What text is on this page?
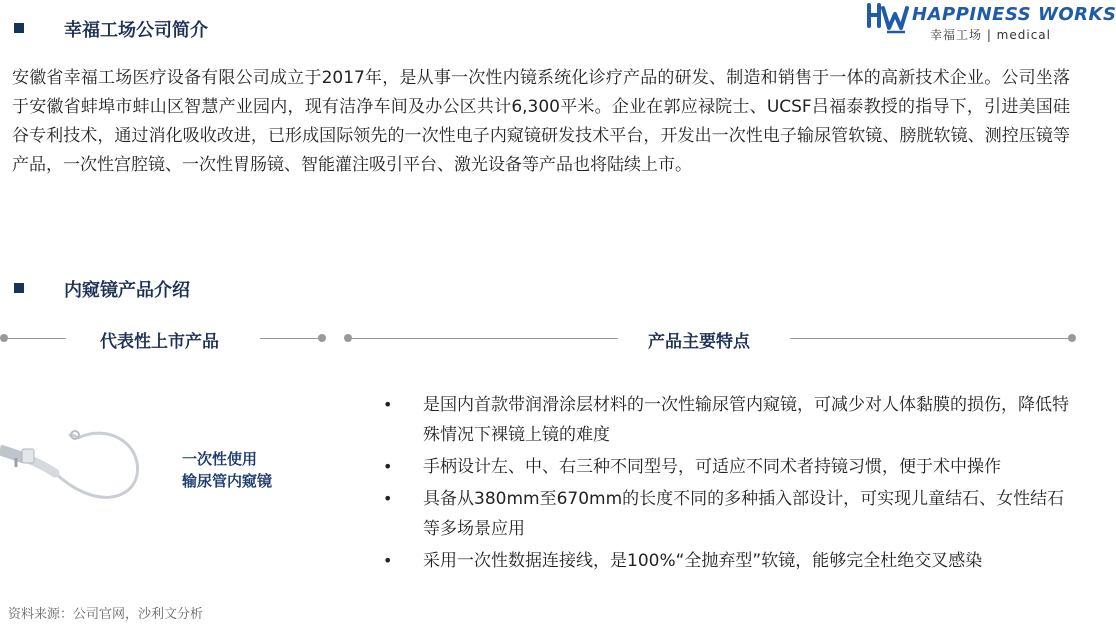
幸福工场公司简介
HAPPINESS WORKS
幸福工场 | medical
安徽省幸福工场医疗设备有限公司成立于2017年，是从事一次性内镜系统化诊疗产品的研发、制造和销售于一体的高新技术企业。公司坐落于安徽省蚌埠市蚌山区智慧产业园内，现有洁净车间及办公区共计6,300平米。企业在郭应禄院士、UCSF吕福泰教授的指导下，引进美国硅谷专利技术，通过消化吸收改进，已形成国际领先的一次性电子内窥镜研发技术平台，开发出一次性电子输尿管软镜、膀胱软镜、测控压镜等产品，一次性宫腔镜、一次性胃肠镜、智能灌注吸引平台、激光设备等产品也将陆续上市。
内窥镜产品介绍
代表性上市产品	产品主要特点
一次性使用
输尿管内窥镜
• 是国内首款带润滑涂层材料的一次性输尿管内窥镜，可减少对人体黏膜的损伤，降低特殊情况下裸镜上镜的难度
• 手柄设计左、中、右三种不同型号，可适应不同术者持镜习惯，便于术中操作
• 具备从380mm至670mm的长度不同的多种插入部设计，可实现儿童结石、女性结石等多场景应用
• 采用一次性数据连接线，是100%“全抛弃型”软镜，能够完全杜绝交叉感染
资料来源：公司官网，沙利文分析
